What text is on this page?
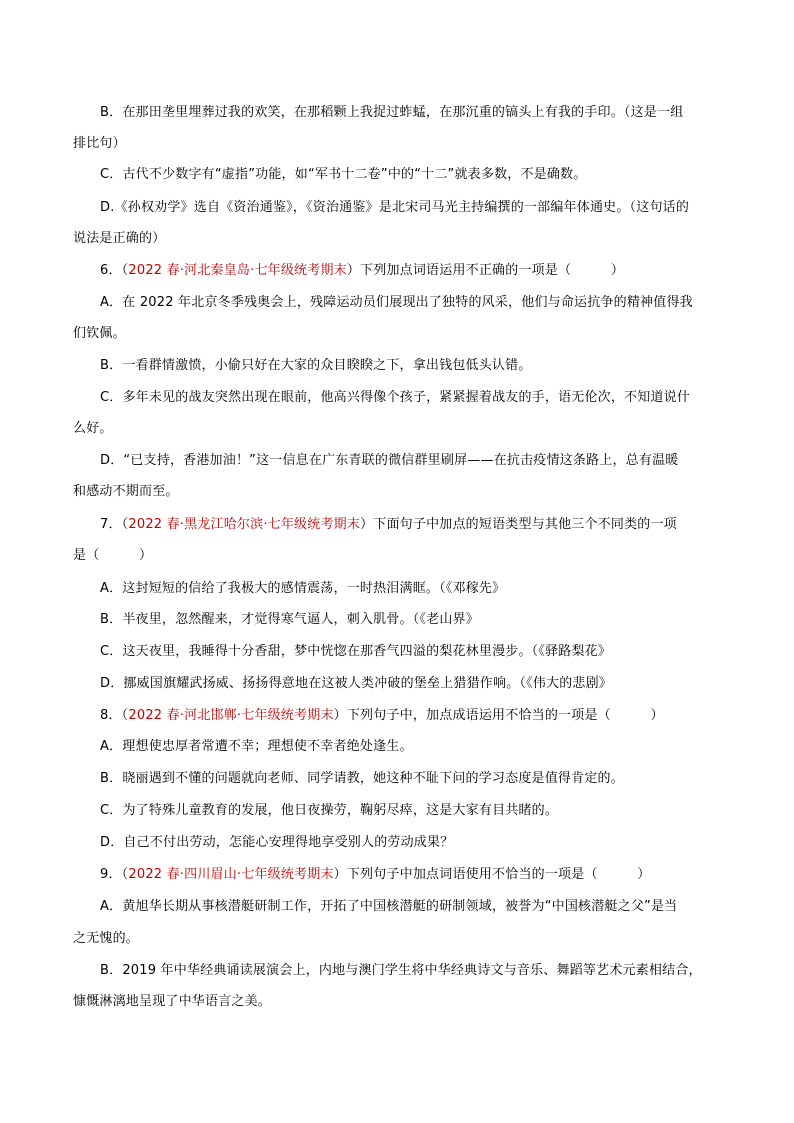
B．在那田垄里埋葬过我的欢笑，在那稻颗上我捉过蚱蜢，在那沉重的镐头上有我的手印。（这是一组
排比句）
C．古代不少数字有“虚指”功能，如“军书十二卷”中的“十二”就表多数，不是确数。
D.《孙权劝学》选自《资治通鉴》，《资治通鉴》是北宋司马光主持编撰的一部编年体通史。（这句话的
说法是正确的）
6．（2022 春·河北秦皇岛·七年级统考期末）下列加点词语运用不正确的一项是（　　　）
A．在 2022 年北京冬季残奥会上，残障运动员们展现出了独特的风采，他们与命运抗争的精神值得我
们钦佩。
B．一看群情激愤，小偷只好在大家的众目睽睽之下，拿出钱包低头认错。
C．多年未见的战友突然出现在眼前，他高兴得像个孩子，紧紧握着战友的手，语无伦次，不知道说什
么好。
D．“已支持，香港加油！”这一信息在广东青联的微信群里刷屏——在抗击疫情这条路上，总有温暖
和感动不期而至。
7．（2022 春·黑龙江哈尔滨·七年级统考期末）下面句子中加点的短语类型与其他三个不同类的一项
是（　　　）
A．这封短短的信给了我极大的感情震荡，一时热泪满眶。（《邓稼先》
B．半夜里，忽然醒来，才觉得寒气逼人，刺入肌骨。（《老山界》
C．这天夜里，我睡得十分香甜，梦中恍惚在那香气四溢的梨花林里漫步。（《驿路梨花》
D．挪威国旗耀武扬威、扬扬得意地在这被人类冲破的堡垒上猎猎作响。（《伟大的悲剧》
8．（2022 春·河北邯郸·七年级统考期末）下列句子中，加点成语运用不恰当的一项是（　　　）
A．理想使忠厚者常遭不幸；理想使不幸者绝处逢生。
B．晓丽遇到不懂的问题就向老师、同学请教，她这种不耻下问的学习态度是值得肯定的。
C．为了特殊儿童教育的发展，他日夜操劳，鞠躬尽瘁，这是大家有目共睹的。
D．自己不付出劳动，怎能心安理得地享受别人的劳动成果？
9．（2022 春·四川眉山·七年级统考期末）下列句子中加点词语使用不恰当的一项是（　　　）
A．黄旭华长期从事核潜艇研制工作，开拓了中国核潜艇的研制领域，被誉为“中国核潜艇之父”是当
之无愧的。
B．2019 年中华经典诵读展演会上，内地与澳门学生将中华经典诗文与音乐、舞蹈等艺术元素相结合，
慷慨淋漓地呈现了中华语言之美。
